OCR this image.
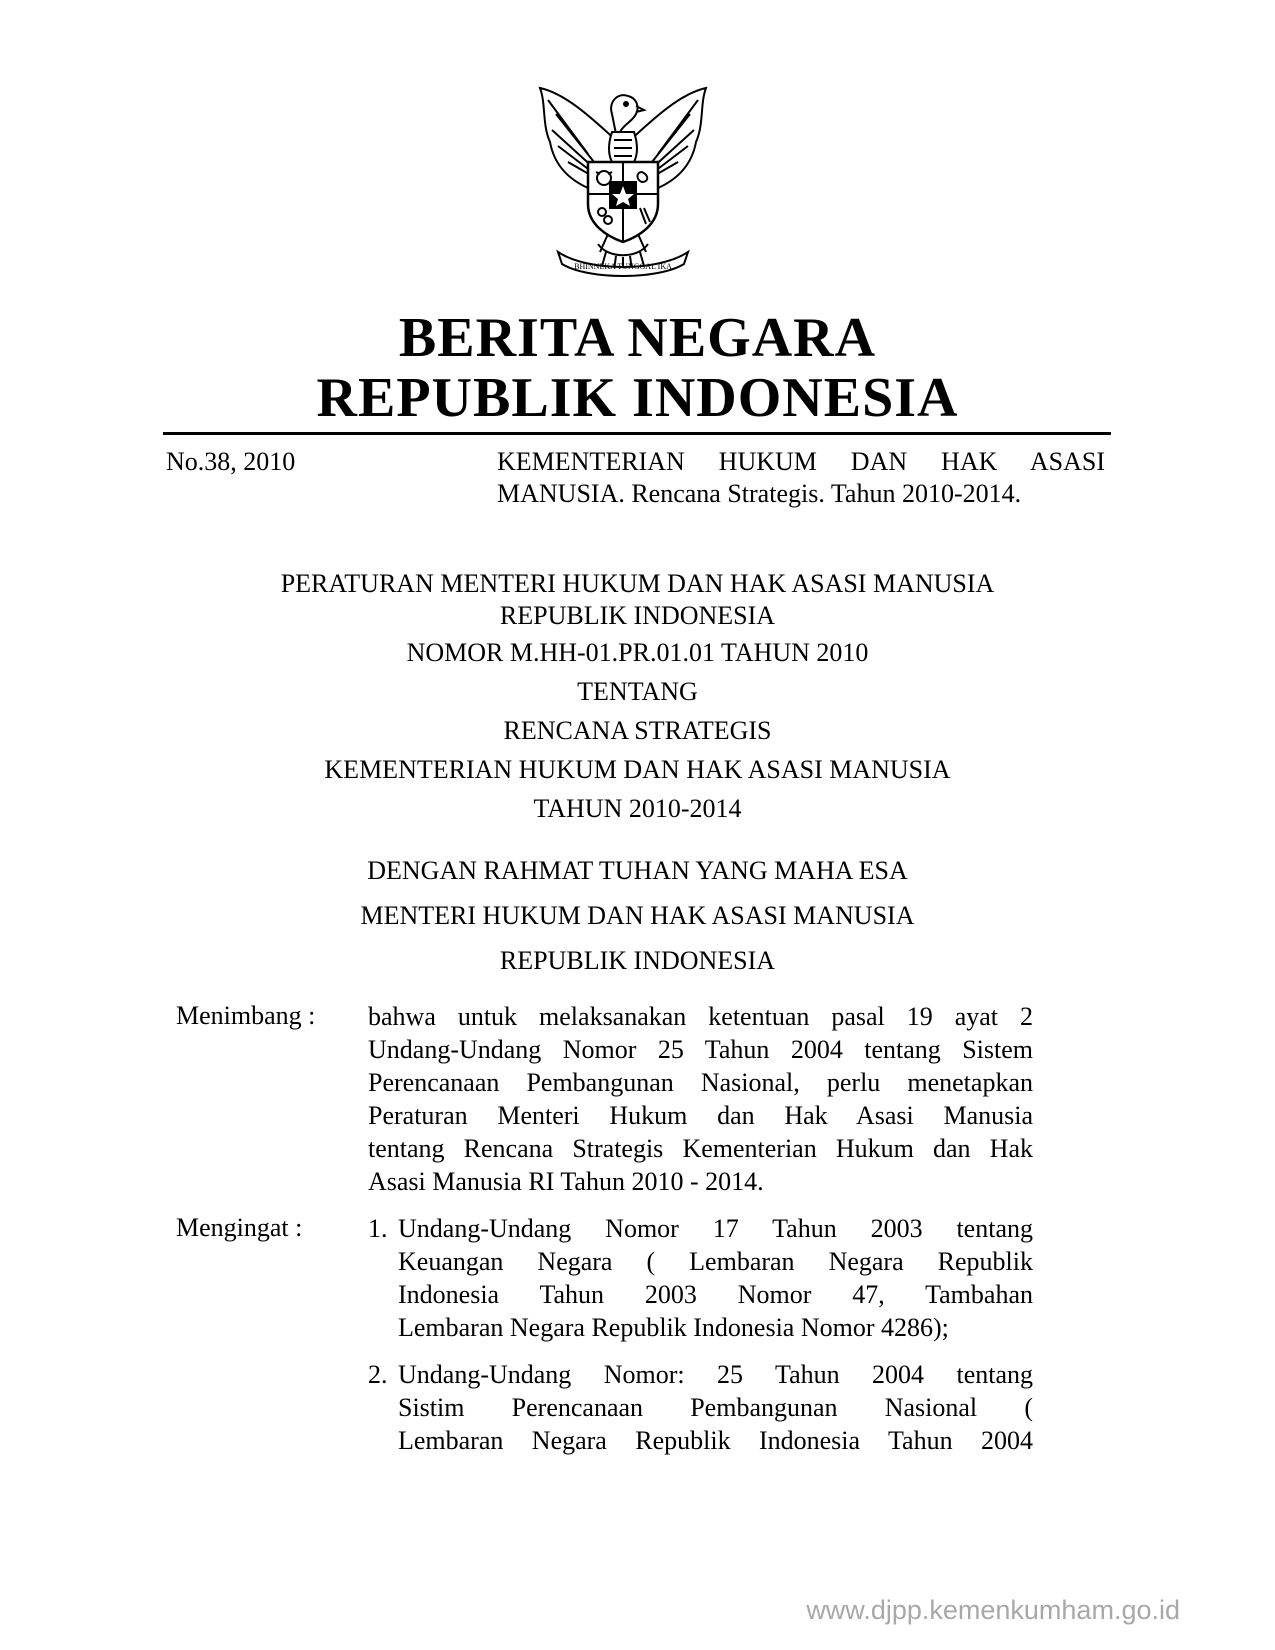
BHINNEKA TUNGGAL IKA
BERITA NEGARA
REPUBLIK INDONESIA
No.38, 2010	KEMENTERIAN HUKUM DAN HAK ASASI
MANUSIA. Rencana Strategis. Tahun 2010-2014.
PERATURAN MENTERI HUKUM DAN HAK ASASI MANUSIA
REPUBLIK INDONESIA
NOMOR M.HH-01.PR.01.01 TAHUN 2010
TENTANG
RENCANA STRATEGIS
KEMENTERIAN HUKUM DAN HAK ASASI MANUSIA
TAHUN 2010-2014
DENGAN RAHMAT TUHAN YANG MAHA ESA
MENTERI HUKUM DAN HAK ASASI MANUSIA
REPUBLIK INDONESIA
Menimbang : bahwa untuk melaksanakan ketentuan pasal 19 ayat 2
Undang-Undang Nomor 25 Tahun 2004 tentang Sistem
Perencanaan Pembangunan Nasional, perlu menetapkan
Peraturan Menteri Hukum dan Hak Asasi Manusia
tentang Rencana Strategis Kementerian Hukum dan Hak
Asasi Manusia RI Tahun 2010 - 2014.
Mengingat :	1. Undang-Undang Nomor 17 Tahun 2003 tentang
Keuangan Negara ( Lembaran Negara Republik
Indonesia Tahun 2003 Nomor 47, Tambahan
Lembaran Negara Republik Indonesia Nomor 4286);
2. Undang-Undang Nomor: 25 Tahun 2004 tentang
Sistim Perencanaan Pembangunan Nasional (
Lembaran Negara Republik Indonesia Tahun 2004
www.djpp.kemenkumham.go.id
